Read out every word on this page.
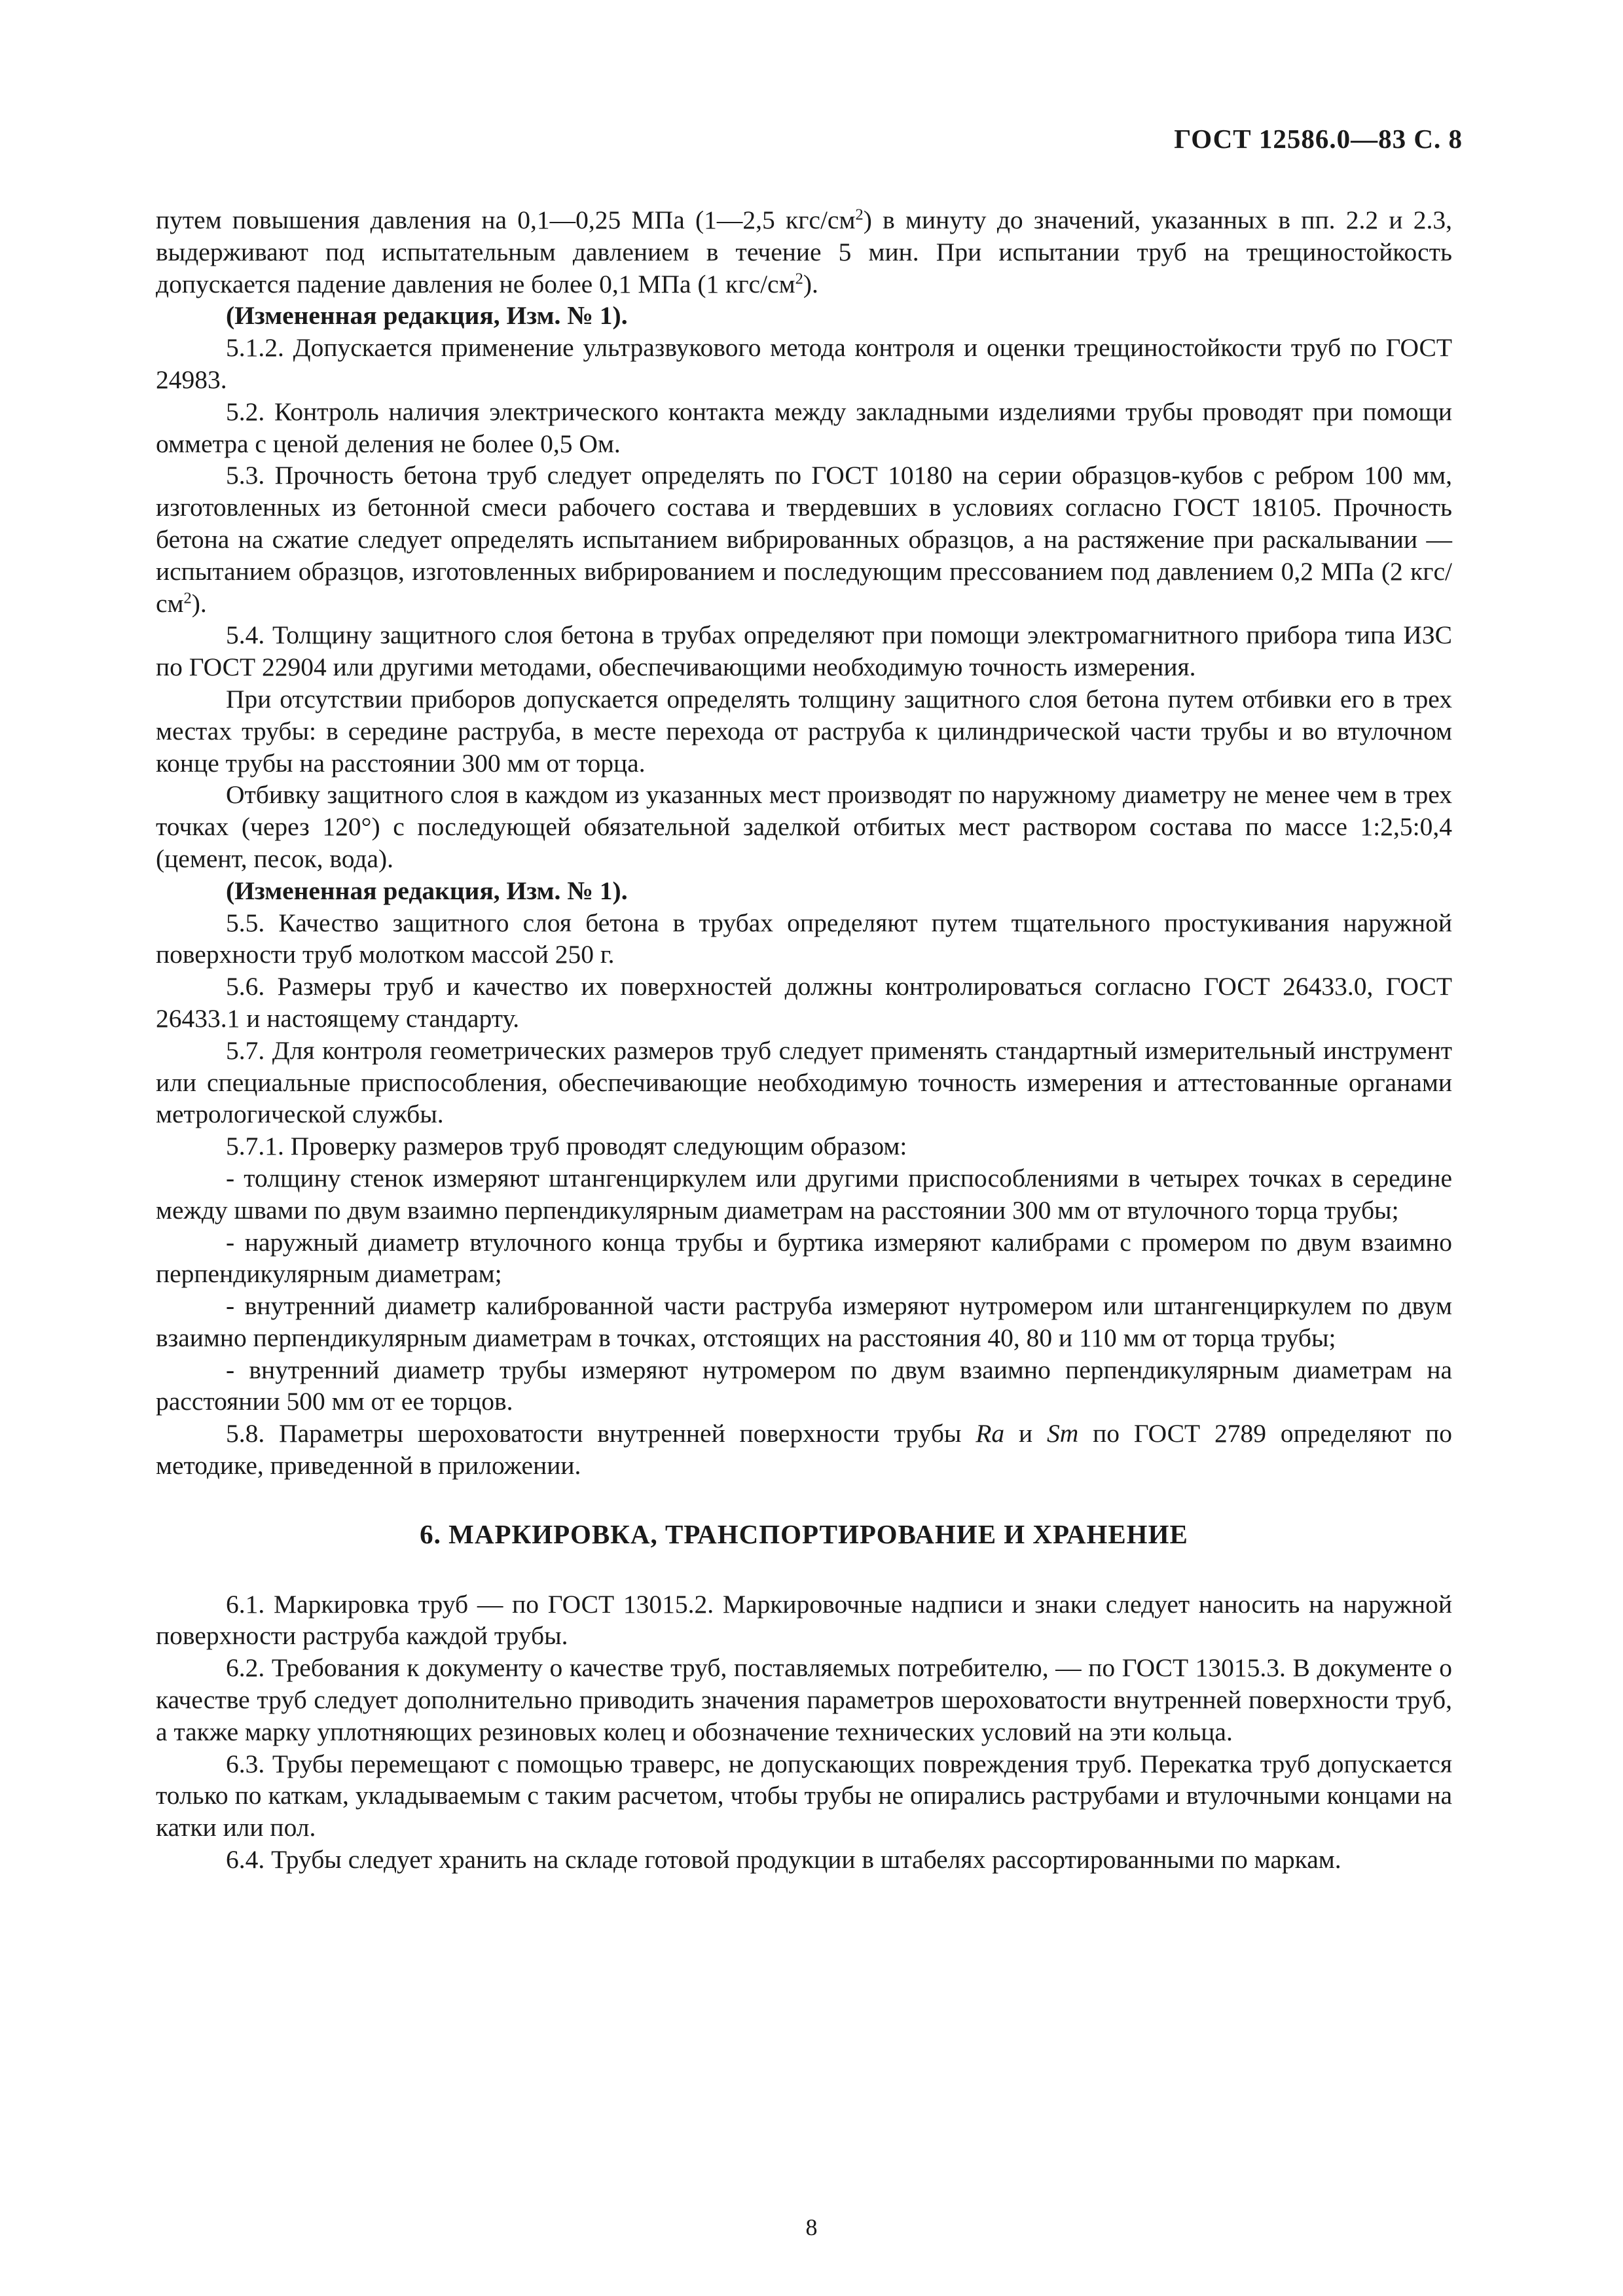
ГОСТ 12586.0—83 С. 8

путем повышения давления на 0,1—0,25 МПа (1—2,5 кгс/$см^2$) в минуту до значений, указанных в пп. 2.2 и 2.3, выдерживают под испытательным давлением в течение 5 мин. При испытании труб на трещиностойкость допускается падение давления не более 0,1 МПа (1 кгс/$см^2$).

(Измененная редакция, Изм. № 1).

5.1.2. Допускается применение ультразвукового метода контроля и оценки трещиностойкости труб по ГОСТ 24983.

5.2. Контроль наличия электрического контакта между закладными изделиями трубы проводят при помощи омметра с ценой деления не более 0,5 Ом.

5.3. Прочность бетона труб следует определять по ГОСТ 10180 на серии образцов-кубов с ребром 100 мм, изготовленных из бетонной смеси рабочего состава и твердевших в условиях согласно ГОСТ 18105. Прочность бетона на сжатие следует определять испытанием вибрированных образцов, а на растяжение при раскалывании — испытанием образцов, изготовленных вибрированием и последующим прессованием под давлением 0,2 МПа (2 кгс/$см^2$).

5.4. Толщину защитного слоя бетона в трубах определяют при помощи электромагнитного прибора типа ИЗС по ГОСТ 22904 или другими методами, обеспечивающими необходимую точность измерения.

При отсутствии приборов допускается определять толщину защитного слоя бетона путем отбивки его в трех местах трубы: в середине раструба, в месте перехода от раструба к цилиндрической части трубы и во втулочном конце трубы на расстоянии 300 мм от торца.

Отбивку защитного слоя в каждом из указанных мест производят по наружному диаметру не менее чем в трех точках (через 120°) с последующей обязательной заделкой отбитых мест раствором состава по массе 1:2,5:0,4 (цемент, песок, вода).

(Измененная редакция, Изм. № 1).

5.5. Качество защитного слоя бетона в трубах определяют путем тщательного простукивания наружной поверхности труб молотком массой 250 г.

5.6. Размеры труб и качество их поверхностей должны контролироваться согласно ГОСТ 26433.0, ГОСТ 26433.1 и настоящему стандарту.

5.7. Для контроля геометрических размеров труб следует применять стандартный измерительный инструмент или специальные приспособления, обеспечивающие необходимую точность измерения и аттестованные органами метрологической службы.

5.7.1. Проверку размеров труб проводят следующим образом:

- толщину стенок измеряют штангенциркулем или другими приспособлениями в четырех точках в середине между швами по двум взаимно перпендикулярным диаметрам на расстоянии 300 мм от втулочного торца трубы;

- наружный диаметр втулочного конца трубы и буртика измеряют калибрами с промером по двум взаимно перпендикулярным диаметрам;

- внутренний диаметр калиброванной части раструба измеряют нутромером или штангенциркулем по двум взаимно перпендикулярным диаметрам в точках, отстоящих на расстояния 40, 80 и 110 мм от торца трубы;

- внутренний диаметр трубы измеряют нутромером по двум взаимно перпендикулярным диаметрам на расстоянии 500 мм от ее торцов.

5.8. Параметры шероховатости внутренней поверхности трубы Ra и Sm по ГОСТ 2789 определяют по методике, приведенной в приложении.

6. МАРКИРОВКА, ТРАНСПОРТИРОВАНИЕ И ХРАНЕНИЕ

6.1. Маркировка труб — по ГОСТ 13015.2. Маркировочные надписи и знаки следует наносить на наружной поверхности раструба каждой трубы.

6.2. Требования к документу о качестве труб, поставляемых потребителю, — по ГОСТ 13015.3. В документе о качестве труб следует дополнительно приводить значения параметров шероховатости внутренней поверхности труб, а также марку уплотняющих резиновых колец и обозначение технических условий на эти кольца.

6.3. Трубы перемещают с помощью траверс, не допускающих повреждения труб. Перекатка труб допускается только по каткам, укладываемым с таким расчетом, чтобы трубы не опирались раструбами и втулочными концами на катки или пол.

6.4. Трубы следует хранить на складе готовой продукции в штабелях рассортированными по маркам.

8
